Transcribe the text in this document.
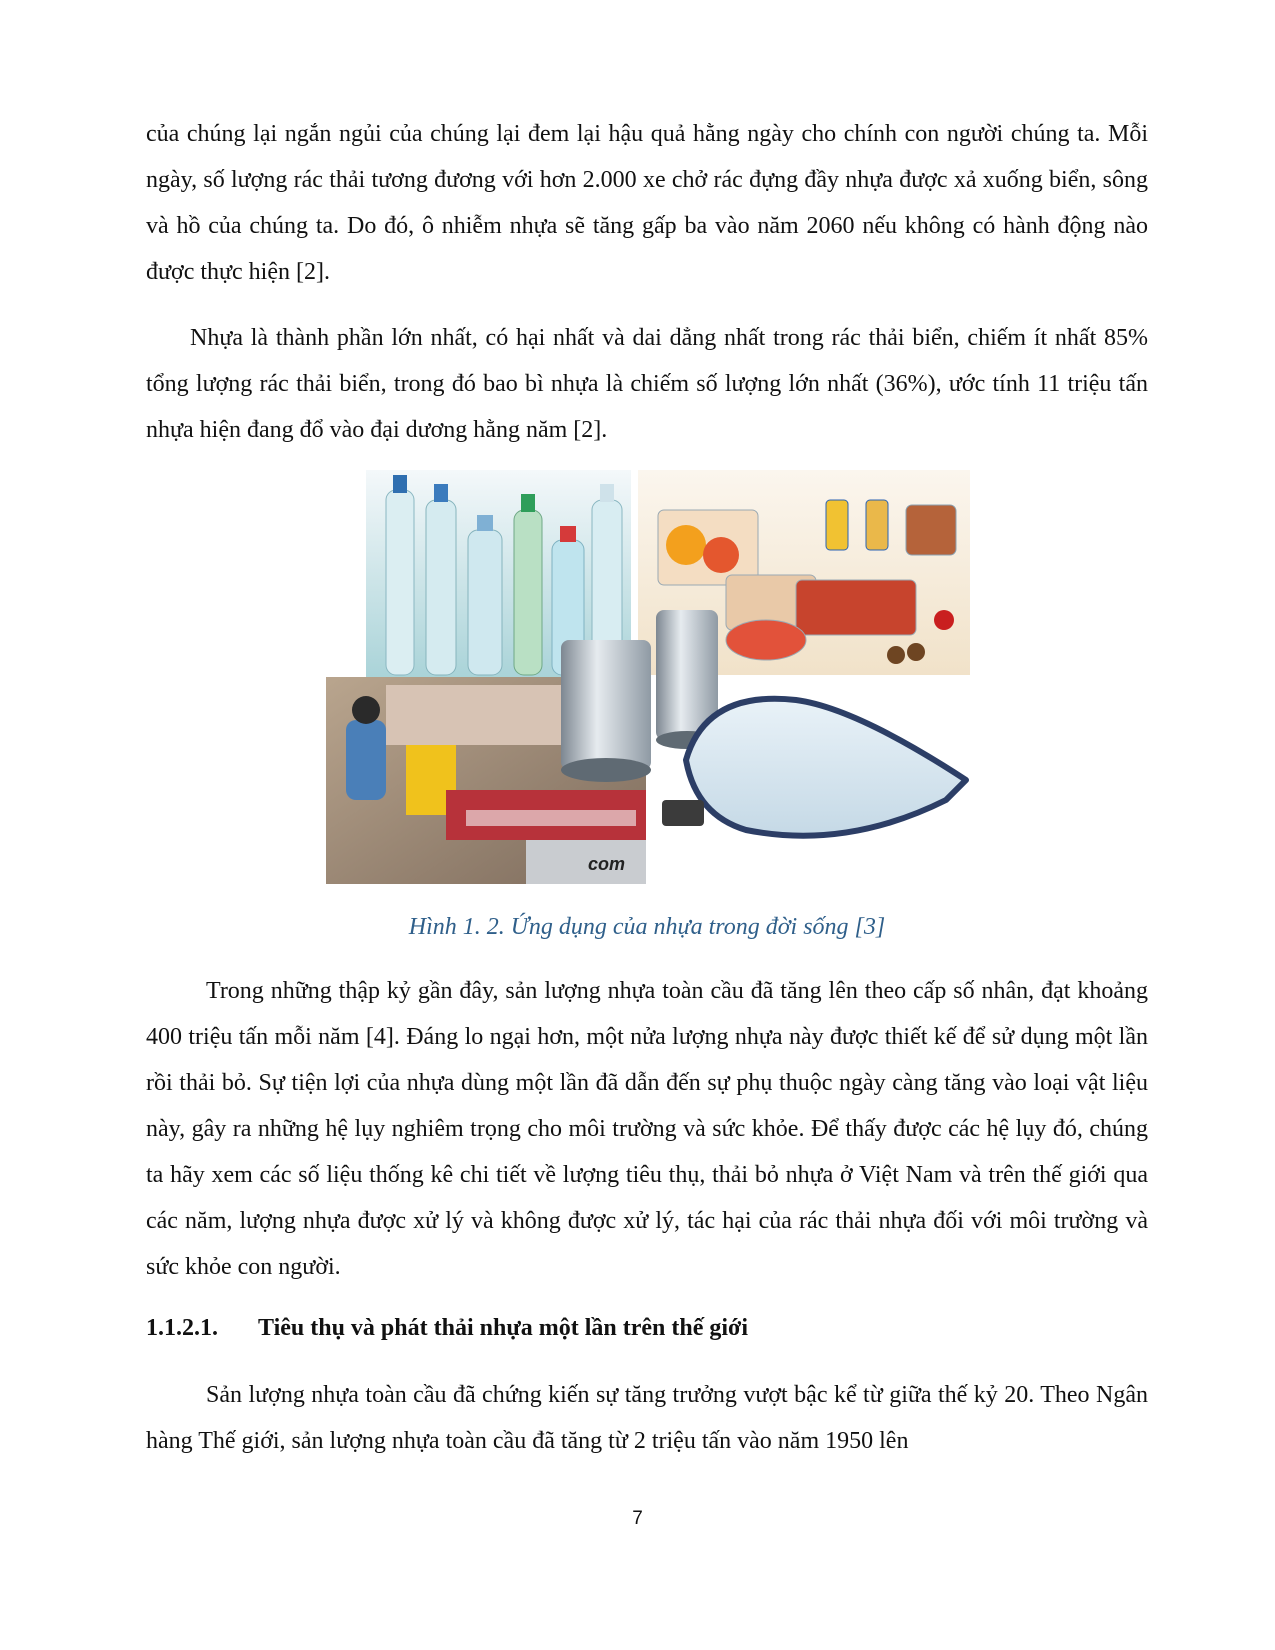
của chúng lại ngắn ngủi của chúng lại đem lại hậu quả hằng ngày cho chính con người chúng ta. Mỗi ngày, số lượng rác thải tương đương với hơn 2.000 xe chở rác đựng đầy nhựa được xả xuống biển, sông và hồ của chúng ta. Do đó, ô nhiễm nhựa sẽ tăng gấp ba vào năm 2060 nếu không có hành động nào được thực hiện [2].

Nhựa là thành phần lớn nhất, có hại nhất và dai dẳng nhất trong rác thải biển, chiếm ít nhất 85% tổng lượng rác thải biển, trong đó bao bì nhựa là chiếm số lượng lớn nhất (36%), ước tính 11 triệu tấn nhựa hiện đang đổ vào đại dương hằng năm [2].

com

Hình 1. 2. Ứng dụng của nhựa trong đời sống [3]

Trong những thập kỷ gần đây, sản lượng nhựa toàn cầu đã tăng lên theo cấp số nhân, đạt khoảng 400 triệu tấn mỗi năm [4]. Đáng lo ngại hơn, một nửa lượng nhựa này được thiết kế để sử dụng một lần rồi thải bỏ. Sự tiện lợi của nhựa dùng một lần đã dẫn đến sự phụ thuộc ngày càng tăng vào loại vật liệu này, gây ra những hệ lụy nghiêm trọng cho môi trường và sức khỏe. Để thấy được các hệ lụy đó, chúng ta hãy xem các số liệu thống kê chi tiết về lượng tiêu thụ, thải bỏ nhựa ở Việt Nam và trên thế giới qua các năm, lượng nhựa được xử lý và không được xử lý, tác hại của rác thải nhựa đối với môi trường và sức khỏe con người.

1.1.2.1. Tiêu thụ và phát thải nhựa một lần trên thế giới

Sản lượng nhựa toàn cầu đã chứng kiến sự tăng trưởng vượt bậc kể từ giữa thế kỷ 20. Theo Ngân hàng Thế giới, sản lượng nhựa toàn cầu đã tăng từ 2 triệu tấn vào năm 1950 lên

7
